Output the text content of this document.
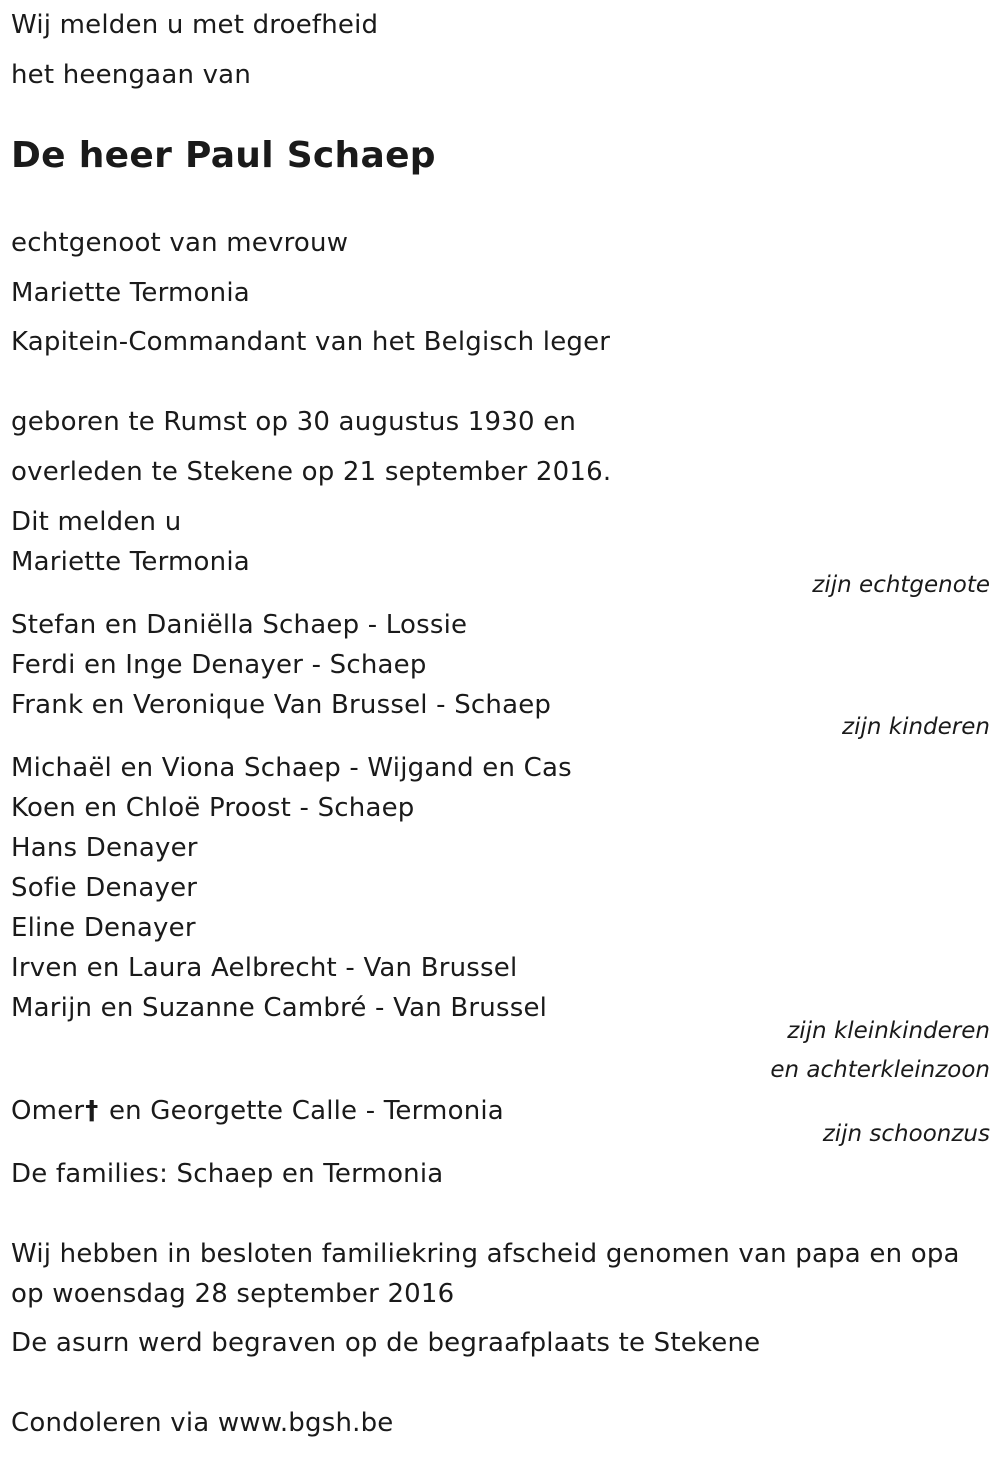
Wij melden u met droefheid
het heengaan van
De heer Paul Schaep
echtgenoot van mevrouw
Mariette Termonia
Kapitein-Commandant van het Belgisch leger
geboren te Rumst op 30 augustus 1930 en
overleden te Stekene op 21 september 2016.
Dit melden u
Mariette Termonia
zijn echtgenote
Stefan en Daniëlla Schaep - Lossie
Ferdi en Inge Denayer - Schaep
Frank en Veronique Van Brussel - Schaep
zijn kinderen
Michaël en Viona Schaep - Wijgand en Cas
Koen en Chloë Proost - Schaep
Hans Denayer
Sofie Denayer
Eline Denayer
Irven en Laura Aelbrecht - Van Brussel
Marijn en Suzanne Cambré - Van Brussel
zijn kleinkinderen
en achterkleinzoon
Omer† en Georgette Calle - Termonia
zijn schoonzus
De families: Schaep en Termonia
Wij hebben in besloten familiekring afscheid genomen van papa en opa
op woensdag 28 september 2016
De asurn werd begraven op de begraafplaats te Stekene
Condoleren via www.bgsh.be
